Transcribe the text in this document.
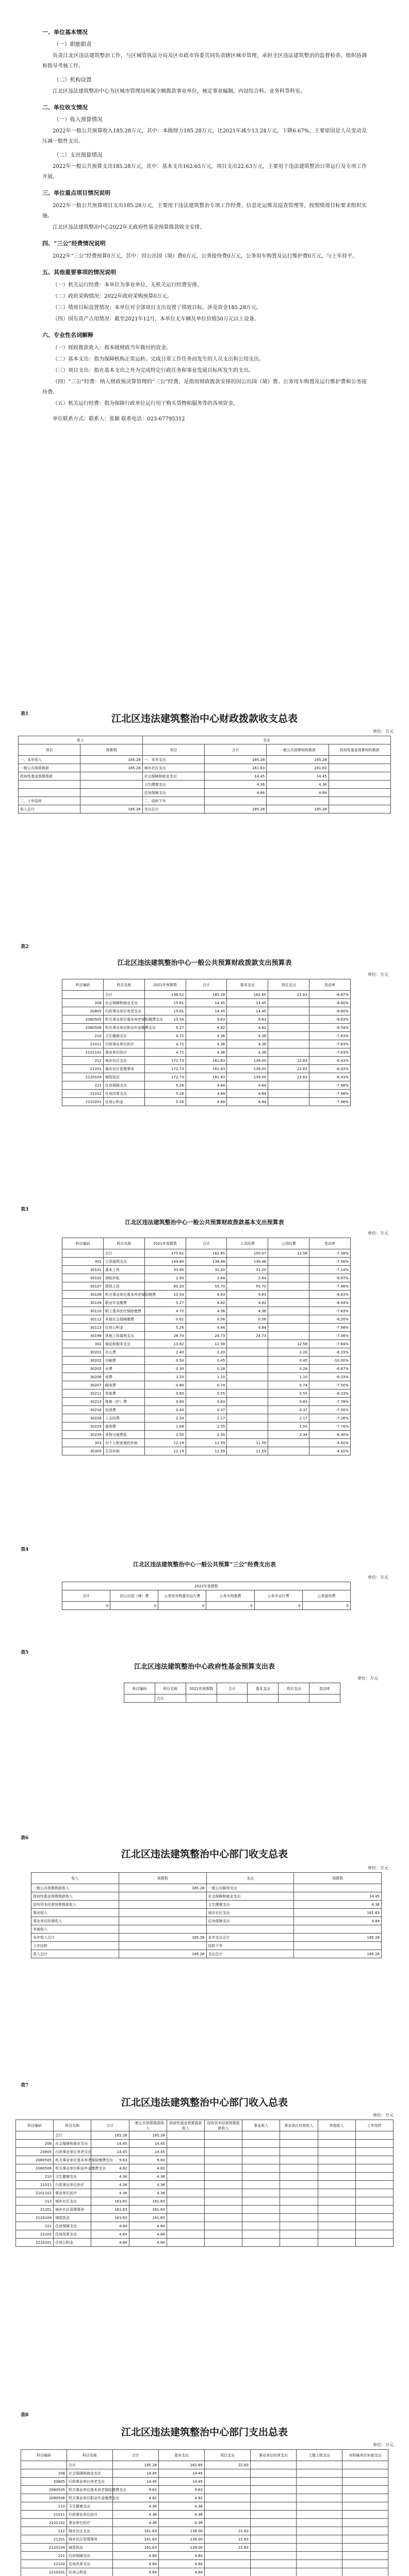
一、单位基本情况
（一）职能职责

负责江北区违法建筑整治工作，与区城管执法分局及区市政市容委共同负责辖区城市管理，承担全区违法建筑整治的监督检查、组织协调和指导考核工作。

（二）机构设置

江北区违法建筑整治中心为区城市管理局所属全额拨款事业单位，核定事业编制，内设综合科、业务科等科室。

二、单位收支情况
（一）收入预算情况

2022年一般公共预算收入185.28万元，其中：本级财力185.28万元，比2021年减少13.24万元，下降6.67%，主要原因是人员变动及压减一般性支出。

（二）支出预算情况

2022年一般公共预算支出185.28万元，其中：基本支出162.65万元，项目支出22.63万元，主要用于违法建筑整治日常运行及专项工作开展。

三、单位重点项目情况说明

2022年一般公共预算项目支出185.28万元，主要用于违法建筑整治专项工作经费、信息化运维及巡查管理等，按照绩效目标要求组织实施。

江北区违法建筑整治中心2022年无政府性基金预算拨款收支安排。

四、“三公”经费情况说明

2022年“三公”经费预算0万元，其中：因公出国（境）费0万元，公务接待费0万元，公务用车购置及运行维护费0万元，与上年持平。

五、其他重要事项的情况说明

（一）机关运行经费：本单位为事业单位，无机关运行经费安排。

（二）政府采购情况：2022年政府采购预算0万元。

（三）绩效目标设置情况：本单位对全部项目支出设置了绩效目标，涉及资金185.28万元。

（四）国有资产占用情况：截至2021年12月，本单位无车辆及单位价值50万元以上设备。

六、专业性名词解释

（一）财政拨款收入：指本级财政当年拨付的资金。

（二）基本支出：指为保障机构正常运转、完成日常工作任务而发生的人员支出和公用支出。

（三）项目支出：指在基本支出之外为完成特定行政任务和事业发展目标所发生的支出。

（四）“三公”经费：纳入财政预决算管理的“三公”经费，是指用财政拨款安排的因公出国（境）费、公务用车购置及运行维护费和公务接待费。

（五）机关运行经费：指为保障行政单位运行用于购买货物和服务等的各项资金。

单位联系方式：联系人：张颖 联系电话：023-67795312

江北区违法建筑整治中心财政拨款收支总表
表1
单位：万元
收入		支出			
项目	预算数	项目	合计	一般公共预算财政拨款	政府性基金预算财政拨款
一、本年收入	185.28	一、本年支出	185.28	185.28	
一般公共预算拨款	185.28	城乡社区支出	161.63	161.63	
政府性基金预算拨款		社会保障和就业支出	14.45	14.45	
		卫生健康支出	4.36	4.36	
		住房保障支出	4.84	4.84	
二、上年结转		二、结转下年			
收入总计	185.28	支出总计	185.28	185.28	
表2
江北区违法建筑整治中心一般公共预算财政拨款支出预算表
单位：万元
科目编码	科目名称	2021年预算数	合计	基本支出	项目支出	变动率
	合计	198.52	185.28	162.65	22.63	-6.67%
208	社会保障和就业支出	15.81	14.45	14.45		-8.60%
20805	行政事业单位养老支出	15.81	14.45	14.45		-8.60%
2080505	机关事业单位基本养老保险缴费支出	10.54	9.63	9.63		-8.63%
2080506	机关事业单位职业年金缴费支出	5.27	4.82	4.82		-8.54%
210	卫生健康支出	4.72	4.36	4.36		-7.63%
21011	行政事业单位医疗	4.72	4.36	4.36		-7.63%
2101102	事业单位医疗	4.72	4.36	4.36		-7.63%
212	城乡社区支出	172.73	161.63	139.00	22.63	-6.43%
21201	城乡社区管理事务	172.73	161.63	139.00	22.63	-6.43%
2120104	城管执法	172.73	161.63	139.00	22.63	-6.43%
221	住房保障支出	5.26	4.84	4.84		-7.98%
22102	住房改革支出	5.26	4.84	4.84		-7.98%
2210201	住房公积金	5.26	4.84	4.84		-7.98%
表3
江北区违法建筑整治中心一般公共预算财政拨款基本支出预算表
单位：万元
科目编码	科目名称	2021年预算数	合计	人员经费	公用经费	变动率
	合计	175.61	162.65	150.07	12.58	-7.38%
301	工资福利支出	149.80	138.48	138.48		-7.56%
30101	基本工资	33.60	31.20	31.20		-7.14%
30102	津贴补贴	2.90	2.64	2.64		-8.97%
30107	绩效工资	60.20	55.70	55.70		-7.48%
30108	机关事业单位基本养老保险缴费	10.54	9.63	9.63		-8.63%
30109	职业年金缴费	5.27	4.82	4.82		-8.54%
30110	职工基本医疗保险缴费	4.72	4.36	4.36		-7.63%
30112	其他社会保障缴费	0.61	0.56	0.56		-8.20%
30113	住房公积金	5.26	4.84	4.84		-7.98%
30199	其他工资福利支出	26.70	24.73	24.73		-7.38%
302	商品和服务支出	13.62	12.58		12.58	-7.64%
30201	办公费	2.40	2.20		2.20	-8.33%
30202	印刷费	0.50	0.45		0.45	-10.00%
30205	水费	0.30	0.28		0.28	-6.67%
30206	电费	1.20	1.10		1.10	-8.33%
30207	邮电费	0.80	0.74		0.74	-7.50%
30211	差旅费	0.60	0.55		0.55	-8.33%
30213	维修（护）费	0.90	0.83		0.83	-7.78%
30216	培训费	0.40	0.37		0.37	-7.50%
30228	工会经费	2.34	2.17		2.17	-7.26%
30229	福利费	1.68	1.55		1.55	-7.74%
30239	其他交通费用	2.50	2.34		2.34	-6.40%
303	对个人和家庭的补助	12.19	11.59	11.59		-4.92%
30305	生活补助	12.19	11.59	11.59		-4.92%
表4
江北区违法建筑整治中心一般公共预算“三公”经费支出表
单位：万元
2022年预算数					
合计	因公出国（境）费	公务用车购置及运行费	公务车购置费	公务车运行费	公务接待费
0	0	0	0	0	0
表5
江北区违法建筑整治中心政府性基金预算支出表
单位：万元
科目编码	科目名称	2021年预算数	合计	基本支出	项目支出	变动率
	合计					
表6
江北区违法建筑整治中心部门收支总表
单位：万元
收入	预算数	支出	预算数
一般公共预算拨款收入	185.28	一般公共服务支出	
政府性基金预算拨款收入		社会保障和就业支出	14.45
国有资本经营预算拨款收入		卫生健康支出	4.36
事业收入		城乡社区支出	161.63
事业单位经营收入		住房保障支出	4.84
其他收入			
本年收入合计	185.28	本年支出合计	185.28
上年结转		结转下年	
收入总计	185.28	支出总计	185.28
表7
江北区违法建筑整治中心部门收入总表
单位：万元
科目编码	科目名称	合计	一般公共预算拨款收入	政府性基金预算拨款收入	国有资本经营预算拨款收入	事业收入	事业单位经营收入	其他收入	上年结转
	合计	185.28	185.28						
208	社会保障和就业支出	14.45	14.45						
20805	行政事业单位养老支出	14.45	14.45						
2080505	机关事业单位基本养老保险缴费支出	9.63	9.63						
2080506	机关事业单位职业年金缴费支出	4.82	4.82						
210	卫生健康支出	4.36	4.36						
21011	行政事业单位医疗	4.36	4.36						
2101102	事业单位医疗	4.36	4.36						
212	城乡社区支出	161.63	161.63						
21201	城乡社区管理事务	161.63	161.63						
2120104	城管执法	161.63	161.63						
221	住房保障支出	4.84	4.84						
22102	住房改革支出	4.84	4.84						
2210201	住房公积金	4.84	4.84						
表8
江北区违法建筑整治中心部门支出总表
单位：万元
科目编码	科目名称	合计	基本支出	项目支出	事业单位经营支出	上缴上级支出	对附属单位补助支出
	合计	185.28	162.65	22.63			
208	社会保障和就业支出	14.45	14.45				
20805	行政事业单位养老支出	14.45	14.45				
2080505	机关事业单位基本养老保险缴费支出	9.63	9.63				
2080506	机关事业单位职业年金缴费支出	4.82	4.82				
210	卫生健康支出	4.36	4.36				
21011	行政事业单位医疗	4.36	4.36				
2101102	事业单位医疗	4.36	4.36				
212	城乡社区支出	161.63	139.00	22.63			
21201	城乡社区管理事务	161.63	139.00	22.63			
2120104	城管执法	161.63	139.00	22.63			
221	住房保障支出	4.84	4.84				
22102	住房改革支出	4.84	4.84				
2210201	住房公积金	4.84	4.84				
